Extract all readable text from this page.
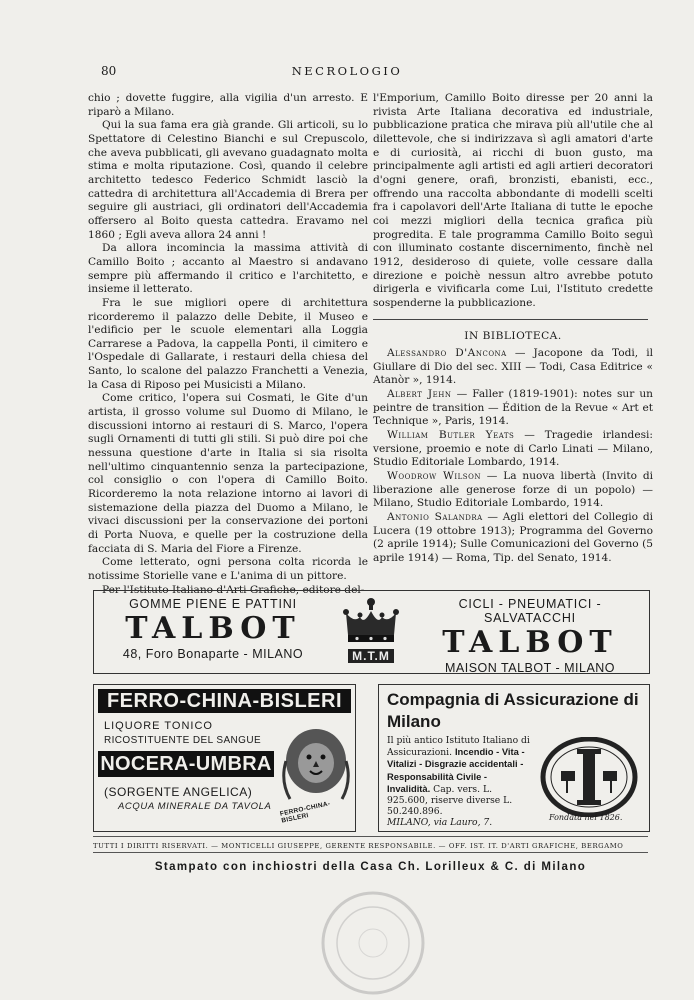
80	NECROLOGIO

chio ; dovette fuggire, alla vigilia d'un arresto. E riparò a Milano.

Qui la sua fama era già grande. Gli articoli, su lo Spettatore di Celestino Bianchi e sul Crepuscolo, che aveva pubblicati, gli avevano guadagnato molta stima e molta riputazione. Così, quando il celebre architetto tedesco Federico Schmidt lasciò la cattedra di architettura all'Accademia di Brera per seguire gli austriaci, gli ordinatori dell'Accademia offersero al Boito questa cattedra. Eravamo nel 1860 ; Egli aveva allora 24 anni !

Da allora incomincia la massima attività di Camillo Boito ; accanto al Maestro si andavano sempre più affermando il critico e l'architetto, e insieme il letterato.

Fra le sue migliori opere di architettura ricorderemo il palazzo delle Debite, il Museo e l'edificio per le scuole elementari alla Loggia Carrarese a Padova, la cappella Ponti, il cimitero e l'Ospedale di Gallarate, i restauri della chiesa del Santo, lo scalone del palazzo Franchetti a Venezia, la Casa di Riposo pei Musicisti a Milano.

Come critico, l'opera sui Cosmati, le Gite d'un artista, il grosso volume sul Duomo di Milano, le discussioni intorno ai restauri di S. Marco, l'opera sugli Ornamenti di tutti gli stili. Si può dire poi che nessuna questione d'arte in Italia si sia risolta nell'ultimo cinquantennio senza la partecipazione, col consiglio o con l'opera di Camillo Boito. Ricorderemo la nota relazione intorno ai lavori di sistemazione della piazza del Duomo a Milano, le vivaci discussioni per la conservazione dei portoni di Porta Nuova, e quelle per la costruzione della facciata di S. Maria del Fiore a Firenze.

Come letterato, ogni persona colta ricorda le notissime Storielle vane e L'anima di un pittore.

Per l'Istituto Italiano d'Arti Grafiche, editore del-

l'Emporium, Camillo Boito diresse per 20 anni la rivista Arte Italiana decorativa ed industriale, pubblicazione pratica che mirava più all'utile che al dilettevole, che si indirizzava sì agli amatori d'arte e di curiosità, ai ricchi di buon gusto, ma principalmente agli artisti ed agli artieri decoratori d'ogni genere, orafi, bronzisti, ebanisti, ecc., offrendo una raccolta abbondante di modelli scelti fra i capolavori dell'Arte Italiana di tutte le epoche coi mezzi migliori della tecnica grafica più progredita. E tale programma Camillo Boito seguì con illuminato costante discernimento, finchè nel 1912, desideroso di quiete, volle cessare dalla direzione e poichè nessun altro avrebbe potuto dirigerla e vivificarla come Lui, l'Istituto credette sospenderne la pubblicazione.

IN BIBLIOTECA.

Alessandro D'Ancona — Jacopone da Todi, il Giullare di Dio del sec. XIII — Todi, Casa Editrice « Atanòr », 1914.

Albert Jehn — Faller (1819-1901): notes sur un peintre de transition — Édition de la Revue « Art et Technique », Paris, 1914.

William Butler Yeats — Tragedie irlandesi: versione, proemio e note di Carlo Linati — Milano, Studio Editoriale Lombardo, 1914.

Woodrow Wilson — La nuova libertà (Invito di liberazione alle generose forze di un popolo) — Milano, Studio Editoriale Lombardo, 1914.

Antonio Salandra — Agli elettori del Collegio di Lucera (19 ottobre 1913); Programma del Governo (2 aprile 1914); Sulle Comunicazioni del Governo (5 aprile 1914) — Roma, Tip. del Senato, 1914.

GOMME PIENE E PATTINI
TALBOT
48, Foro Bonaparte - MILANO	M.T.M
CICLI - PNEUMATICI - SALVATACCHI
TALBOT
MAISON TALBOT - MILANO
FERRO-CHINA-BISLERI
LIQUORE TONICO
RICOSTITUENTE DEL SANGUE
NOCERA-UMBRA
(SORGENTE ANGELICA)
ACQUA MINERALE DA TAVOLA FERRO-CHINA-BISLERI
Compagnia di Assicurazione di Milano
Il più antico Istituto Italiano di Assicurazioni. Incendio - Vita - Vitalizi - Disgrazie accidentali - Responsabilità Civile - Invalidità. Cap. vers. L. 925.600, riserve diverse L. 50.240.896.
MILANO, via Lauro, 7.	Fondata nel 1826.
TUTTI I DIRITTI RISERVATI. — MONTICELLI GIUSEPPE, GERENTE RESPONSABILE. — OFF. IST. IT. D'ARTI GRAFICHE, BERGAMO
Stampato con inchiostri della Casa Ch. Lorilleux & C. di Milano
